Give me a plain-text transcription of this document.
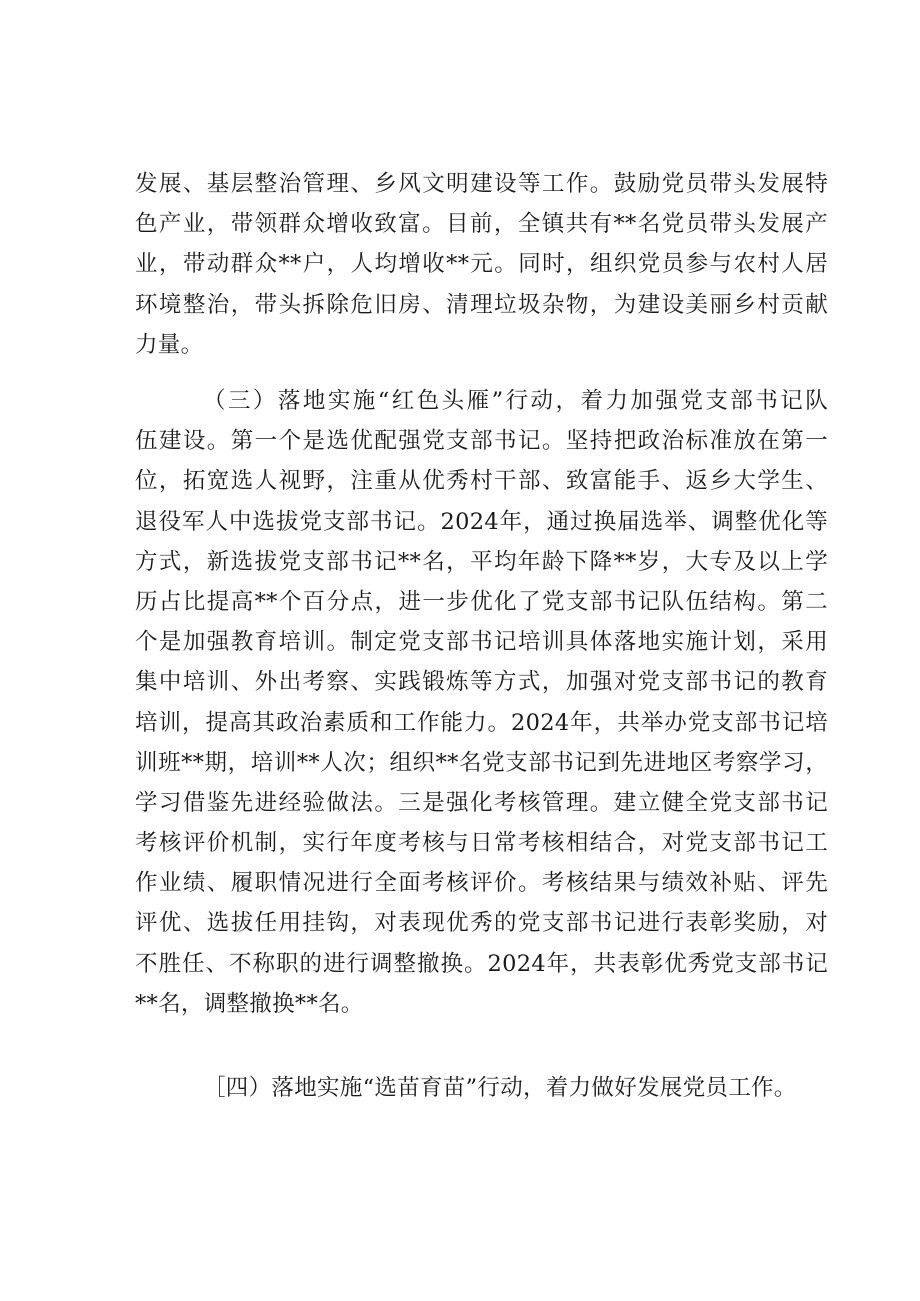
发展、基层整治管理、乡风文明建设等工作。鼓励党员带头发展特
色产业，带领群众增收致富。目前，全镇共有**名党员带头发展产
业，带动群众**户，人均增收**元。同时，组织党员参与农村人居
环境整治，带头拆除危旧房、清理垃圾杂物，为建设美丽乡村贡献
力量。
（三）落地实施“红色头雁”行动，着力加强党支部书记队
伍建设。第一个是选优配强党支部书记。坚持把政治标准放在第一
位，拓宽选人视野，注重从优秀村干部、致富能手、返乡大学生、
退役军人中选拔党支部书记。2024年，通过换届选举、调整优化等
方式，新选拔党支部书记**名，平均年龄下降**岁，大专及以上学
历占比提高**个百分点，进一步优化了党支部书记队伍结构。第二
个是加强教育培训。制定党支部书记培训具体落地实施计划，采用
集中培训、外出考察、实践锻炼等方式，加强对党支部书记的教育
培训，提高其政治素质和工作能力。2024年，共举办党支部书记培
训班**期，培训**人次；组织**名党支部书记到先进地区考察学习，
学习借鉴先进经验做法。三是强化考核管理。建立健全党支部书记
考核评价机制，实行年度考核与日常考核相结合，对党支部书记工
作业绩、履职情况进行全面考核评价。考核结果与绩效补贴、评先
评优、选拔任用挂钩，对表现优秀的党支部书记进行表彰奖励，对
不胜任、不称职的进行调整撤换。2024年，共表彰优秀党支部书记
**名，调整撤换**名。
［四）落地实施“选苗育苗”行动，着力做好发展党员工作。
